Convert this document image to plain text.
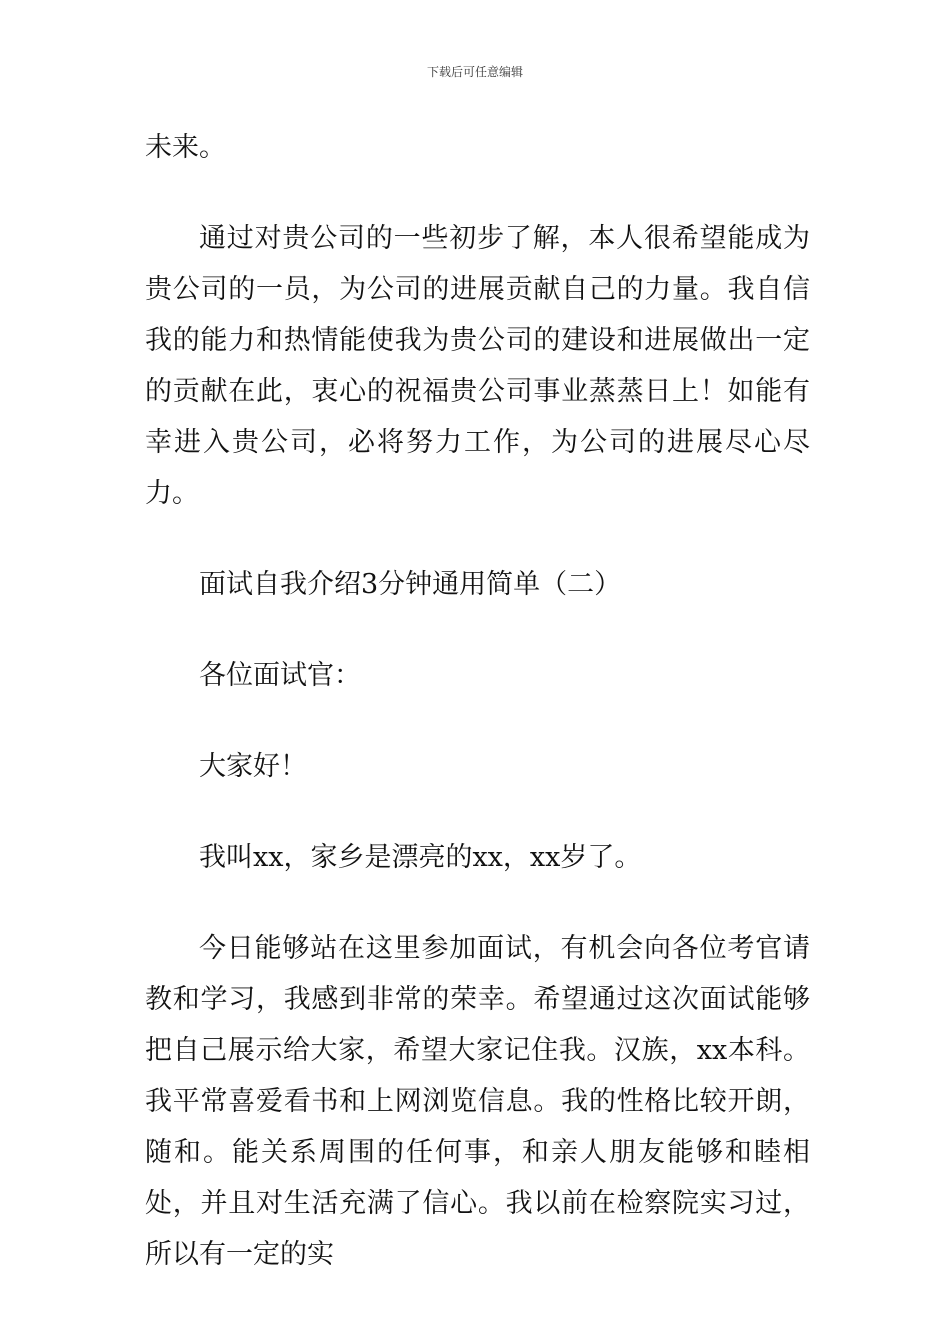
下载后可任意编辑

未来。

通过对贵公司的一些初步了解，本人很希望能成为贵公司的一员，为公司的进展贡献自己的力量。我自信我的能力和热情能使我为贵公司的建设和进展做出一定的贡献在此，衷心的祝福贵公司事业蒸蒸日上！如能有幸进入贵公司，必将努力工作，为公司的进展尽心尽力。

面试自我介绍3分钟通用简单（二）

各位面试官：

大家好！

我叫xx，家乡是漂亮的xx，xx岁了。

今日能够站在这里参加面试，有机会向各位考官请教和学习，我感到非常的荣幸。希望通过这次面试能够把自己展示给大家，希望大家记住我。汉族，xx本科。我平常喜爱看书和上网浏览信息。我的性格比较开朗，随和。能关系周围的任何事，和亲人朋友能够和睦相处，并且对生活充满了信心。我以前在检察院实习过，所以有一定的实
